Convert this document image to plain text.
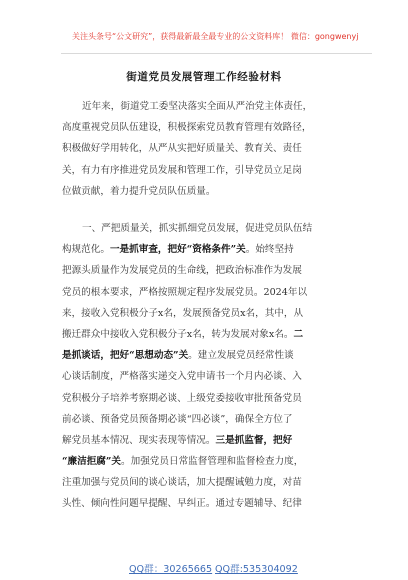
关注头条号“公文研究”，获得最新最全最专业的公文资料库！ 微信：gongwenyj
街道党员发展管理工作经验材料
近年来，街道党工委坚决落实全面从严治党主体责任，
高度重视党员队伍建设，积极探索党员教育管理有效路径，
积极做好学用转化，从严从实把好质量关、教育关、责任
关，有力有序推进党员发展和管理工作，引导党员立足岗
位做贡献，着力提升党员队伍质量。
一、严把质量关，抓实抓细党员发展，促进党员队伍结
构规范化。一是抓审查，把好“资格条件”关。始终坚持
把源头质量作为发展党员的生命线，把政治标准作为发展
党员的根本要求，严格按照规定程序发展党员。2024年以
来，接收入党积极分子x名，发展预备党员x名，其中，从
搬迁群众中接收入党积极分子x名，转为发展对象x名。二
是抓谈话，把好“思想动态”关。建立发展党员经常性谈
心谈话制度，严格落实递交入党申请书一个月内必谈、入
党积极分子培养考察期必谈、上级党委接收审批预备党员
前必谈、预备党员预备期必谈“四必谈”，确保全方位了
解党员基本情况、现实表现等情况。三是抓监督，把好
“廉洁拒腐”关。加强党员日常监督管理和监督检查力度，
注重加强与党员间的谈心谈话，加大提醒诫勉力度，对苗
头性、倾向性问题早提醒、早纠正。通过专题辅导、纪律
QQ群：30265665 QQ群:535304092
